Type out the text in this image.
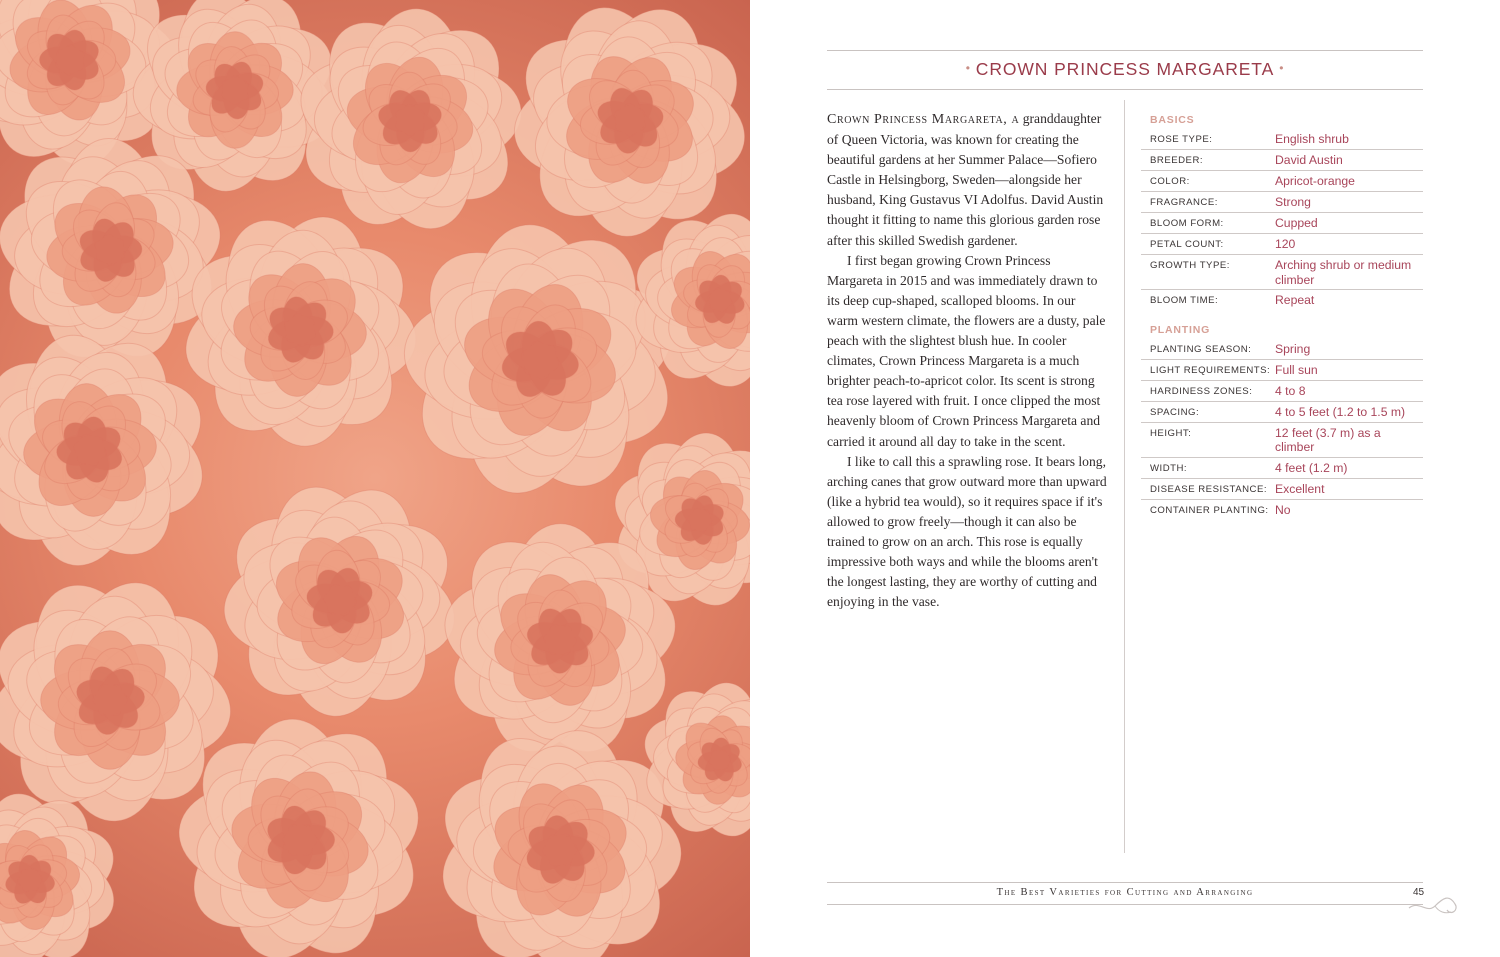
• CROWN PRINCESS MARGARETA •

Crown Princess Margareta, a granddaughter of Queen Victoria, was known for creating the beautiful gardens at her Summer Palace—Sofiero Castle in Helsingborg, Sweden—alongside her husband, King Gustavus VI Adolfus. David Austin thought it fitting to name this glorious garden rose after this skilled Swedish gardener.

I first began growing Crown Princess Margareta in 2015 and was immediately drawn to its deep cup-shaped, scalloped blooms. In our warm western climate, the flowers are a dusty, pale peach with the slightest blush hue. In cooler climates, Crown Princess Margareta is a much brighter peach-to-apricot color. Its scent is strong tea rose layered with fruit. I once clipped the most heavenly bloom of Crown Princess Margareta and carried it around all day to take in the scent.

I like to call this a sprawling rose. It bears long, arching canes that grow outward more than upward (like a hybrid tea would), so it requires space if it's allowed to grow freely—though it can also be trained to grow on an arch. This rose is equally impressive both ways and while the blooms aren't the longest lasting, they are worthy of cutting and enjoying in the vase.

BASICS
ROSE TYPE:	English shrub
BREEDER:	David Austin
COLOR:	Apricot-orange
FRAGRANCE:	Strong
BLOOM FORM:	Cupped
PETAL COUNT:	120
GROWTH TYPE:	Arching shrub or medium climber
BLOOM TIME:	Repeat
PLANTING
PLANTING SEASON:	Spring
LIGHT REQUIREMENTS: Full sun
HARDINESS ZONES:	4 to 8
SPACING:	4 to 5 feet (1.2 to 1.5 m)
HEIGHT:	12 feet (3.7 m) as a climber
WIDTH:	4 feet (1.2 m)
DISEASE RESISTANCE: Excellent
CONTAINER PLANTING: No
The Best Varieties for Cutting and Arranging	45
